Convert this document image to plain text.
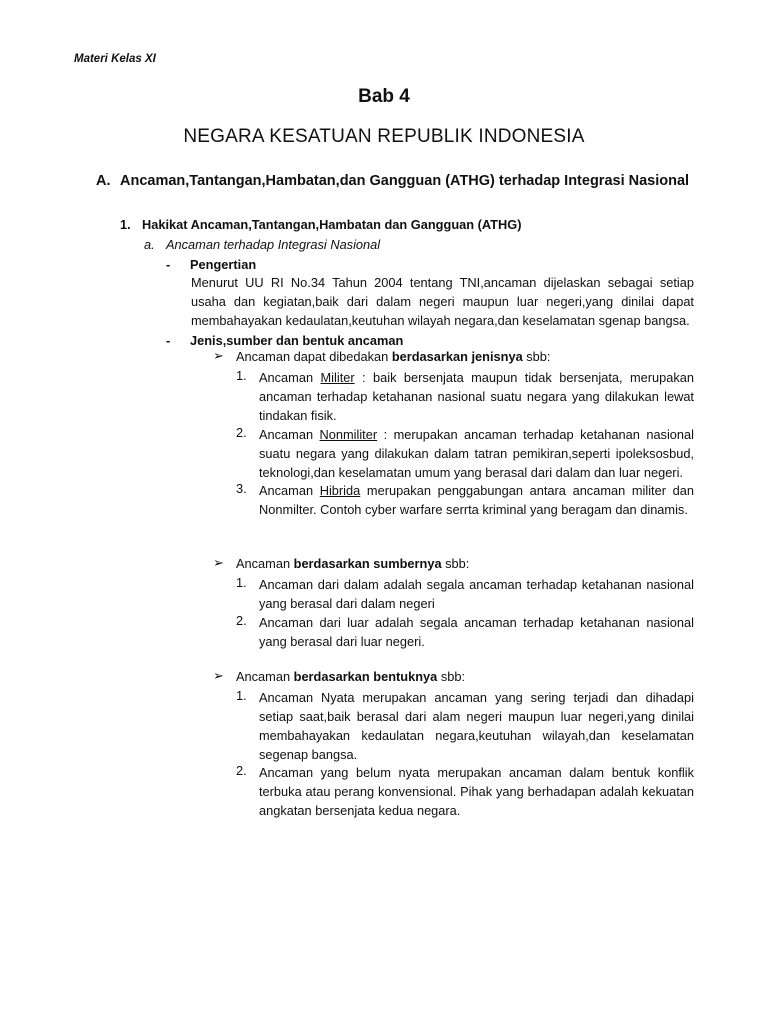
Materi Kelas XI
Bab 4
NEGARA KESATUAN REPUBLIK INDONESIA
A. Ancaman,Tantangan,Hambatan,dan Gangguan (ATHG) terhadap Integrasi Nasional
1. Hakikat Ancaman,Tantangan,Hambatan dan Gangguan (ATHG)
a. Ancaman terhadap Integrasi Nasional
- Pengertian
Menurut UU RI No.34 Tahun 2004 tentang TNI,ancaman dijelaskan sebagai setiap usaha dan kegiatan,baik dari dalam negeri maupun luar negeri,yang dinilai dapat membahayakan kedaulatan,keutuhan wilayah negara,dan keselamatan sgenap bangsa.
- Jenis,sumber dan bentuk ancaman
➢ Ancaman dapat dibedakan berdasarkan jenisnya sbb:
1. Ancaman Militer : baik bersenjata maupun tidak bersenjata, merupakan ancaman terhadap ketahanan nasional suatu negara yang dilakukan lewat tindakan fisik.
2. Ancaman Nonmiliter : merupakan ancaman terhadap ketahanan nasional suatu negara yang dilakukan dalam tatran pemikiran,seperti ipoleksosbud, teknologi,dan keselamatan umum yang berasal dari dalam dan luar negeri.
3. Ancaman Hibrida merupakan penggabungan antara ancaman militer dan Nonmilter. Contoh cyber warfare serrta kriminal yang beragam dan dinamis.
➢ Ancaman berdasarkan sumbernya sbb:
1. Ancaman dari dalam adalah segala ancaman terhadap ketahanan nasional yang berasal dari dalam negeri
2. Ancaman dari luar adalah segala ancaman terhadap ketahanan nasional yang berasal dari luar negeri.
➢ Ancaman berdasarkan bentuknya sbb:
1. Ancaman Nyata merupakan ancaman yang sering terjadi dan dihadapi setiap saat,baik berasal dari alam negeri maupun luar negeri,yang dinilai membahayakan kedaulatan negara,keutuhan wilayah,dan keselamatan segenap bangsa.
2. Ancaman yang belum nyata merupakan ancaman dalam bentuk konflik terbuka atau perang konvensional. Pihak yang berhadapan adalah kekuatan angkatan bersenjata kedua negara.
